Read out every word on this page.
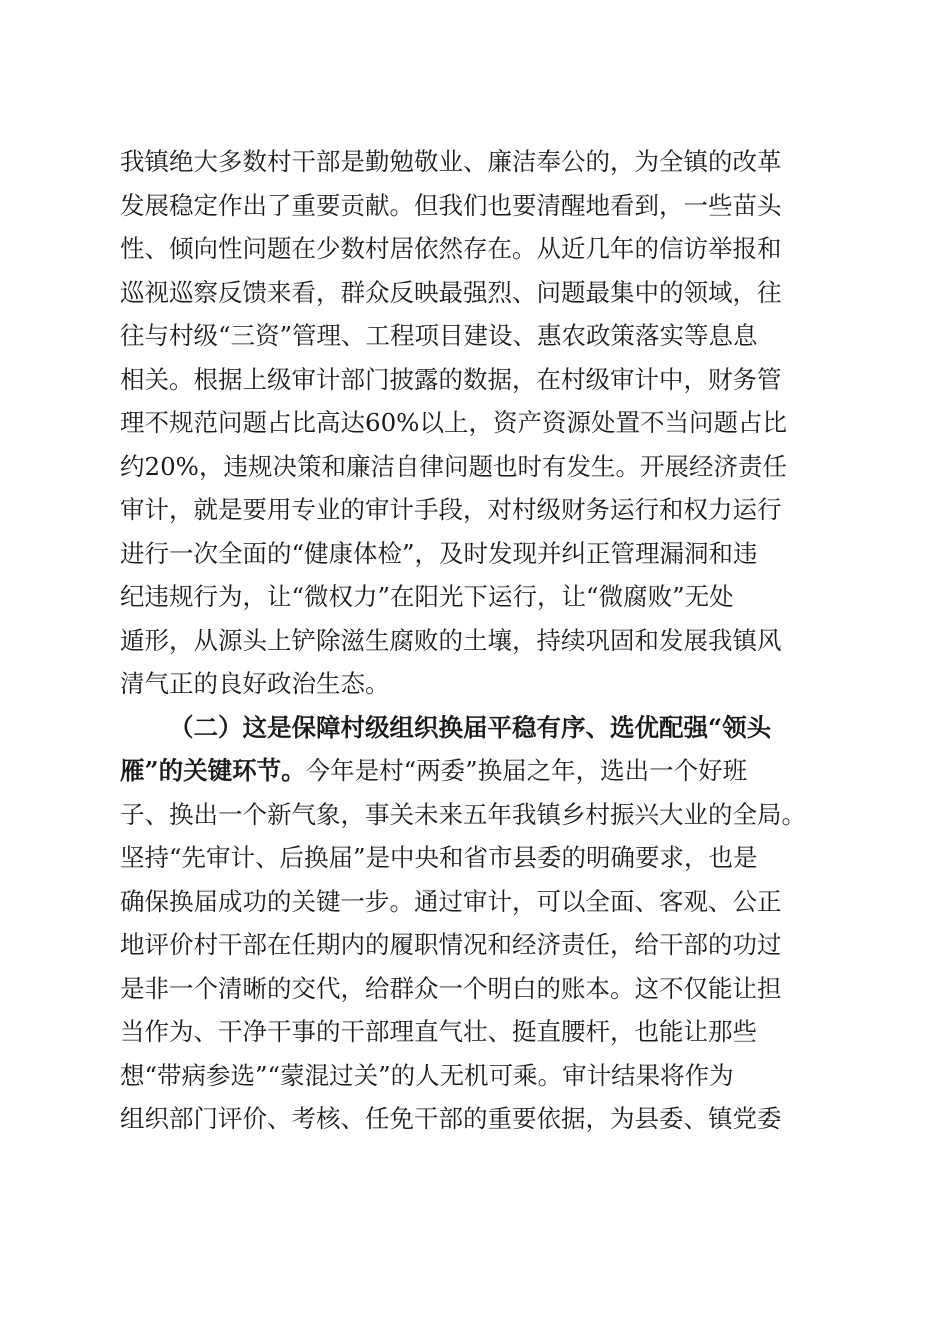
我镇绝大多数村干部是勤勉敬业、廉洁奉公的，为全镇的改革
发展稳定作出了重要贡献。但我们也要清醒地看到，一些苗头
性、倾向性问题在少数村居依然存在。从近几年的信访举报和
巡视巡察反馈来看，群众反映最强烈、问题最集中的领域，往
往与村级“三资”管理、工程项目建设、惠农政策落实等息息
相关。根据上级审计部门披露的数据，在村级审计中，财务管
理不规范问题占比高达60%以上，资产资源处置不当问题占比
约20%，违规决策和廉洁自律问题也时有发生。开展经济责任
审计，就是要用专业的审计手段，对村级财务运行和权力运行
进行一次全面的“健康体检”，及时发现并纠正管理漏洞和违
纪违规行为，让“微权力”在阳光下运行，让“微腐败”无处
遁形，从源头上铲除滋生腐败的土壤，持续巩固和发展我镇风
清气正的良好政治生态。
（二）这是保障村级组织换届平稳有序、选优配强“领头
雁”的关键环节。今年是村“两委”换届之年，选出一个好班
子、换出一个新气象，事关未来五年我镇乡村振兴大业的全局。
坚持“先审计、后换届”是中央和省市县委的明确要求，也是
确保换届成功的关键一步。通过审计，可以全面、客观、公正
地评价村干部在任期内的履职情况和经济责任，给干部的功过
是非一个清晰的交代，给群众一个明白的账本。这不仅能让担
当作为、干净干事的干部理直气壮、挺直腰杆，也能让那些
想“带病参选”“蒙混过关”的人无机可乘。审计结果将作为
组织部门评价、考核、任免干部的重要依据，为县委、镇党委
